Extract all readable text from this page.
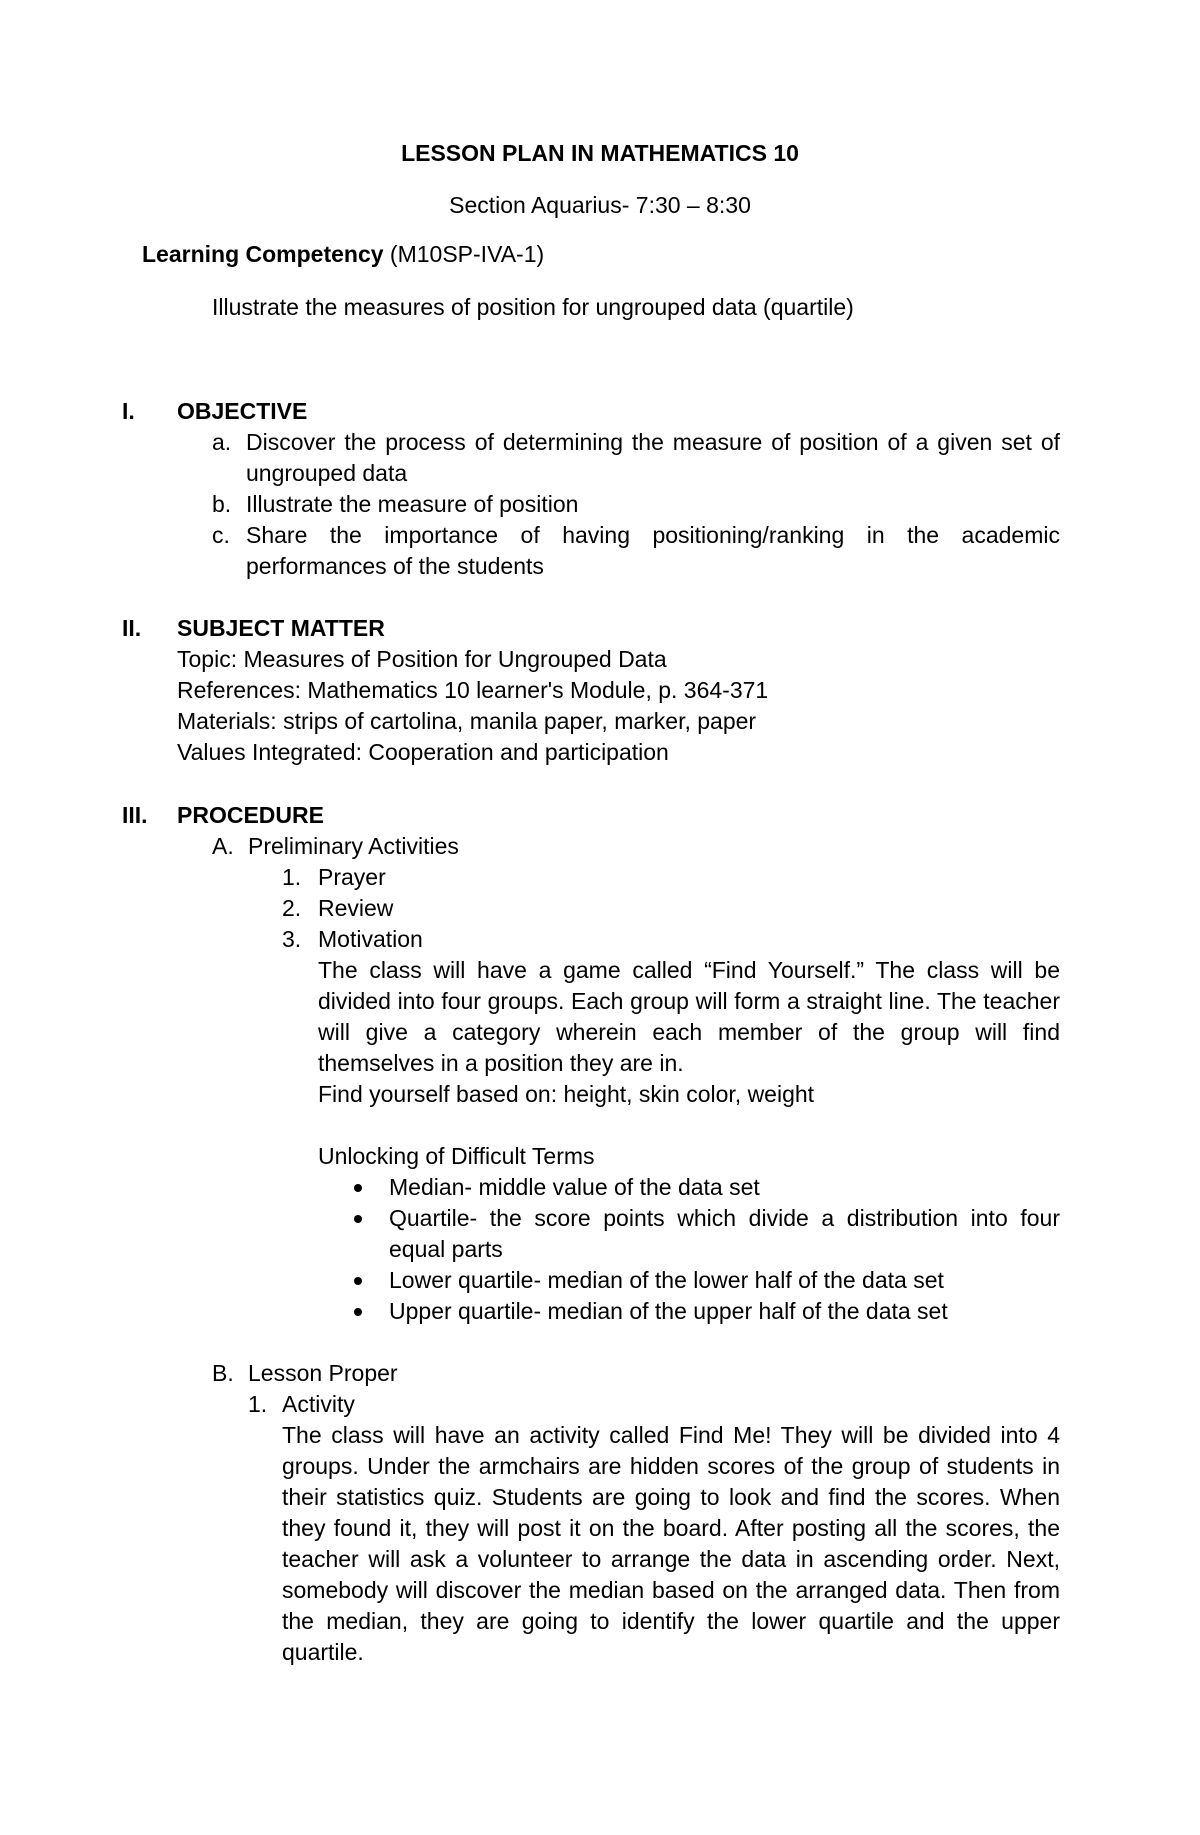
LESSON PLAN IN MATHEMATICS 10
Section Aquarius- 7:30 – 8:30
Learning Competency (M10SP-IVA-1)
Illustrate the measures of position for ungrouped data (quartile)
I. OBJECTIVE
a. Discover the process of determining the measure of position of a given set of ungrouped data
b. Illustrate the measure of position
c. Share the importance of having positioning/ranking in the academic performances of the students
II. SUBJECT MATTER
Topic: Measures of Position for Ungrouped Data
References: Mathematics 10 learner's Module, p. 364-371
Materials: strips of cartolina, manila paper, marker, paper
Values Integrated: Cooperation and participation
III. PROCEDURE
A. Preliminary Activities
1. Prayer
2. Review
3. Motivation
The class will have a game called “Find Yourself.” The class will be divided into four groups. Each group will form a straight line. The teacher will give a category wherein each member of the group will find themselves in a position they are in.
Find yourself based on: height, skin color, weight
Unlocking of Difficult Terms
Median- middle value of the data set
Quartile- the score points which divide a distribution into four equal parts
Lower quartile- median of the lower half of the data set
Upper quartile- median of the upper half of the data set
B. Lesson Proper
1. Activity
The class will have an activity called Find Me! They will be divided into 4 groups. Under the armchairs are hidden scores of the group of students in their statistics quiz. Students are going to look and find the scores. When they found it, they will post it on the board. After posting all the scores, the teacher will ask a volunteer to arrange the data in ascending order. Next, somebody will discover the median based on the arranged data. Then from the median, they are going to identify the lower quartile and the upper quartile.
